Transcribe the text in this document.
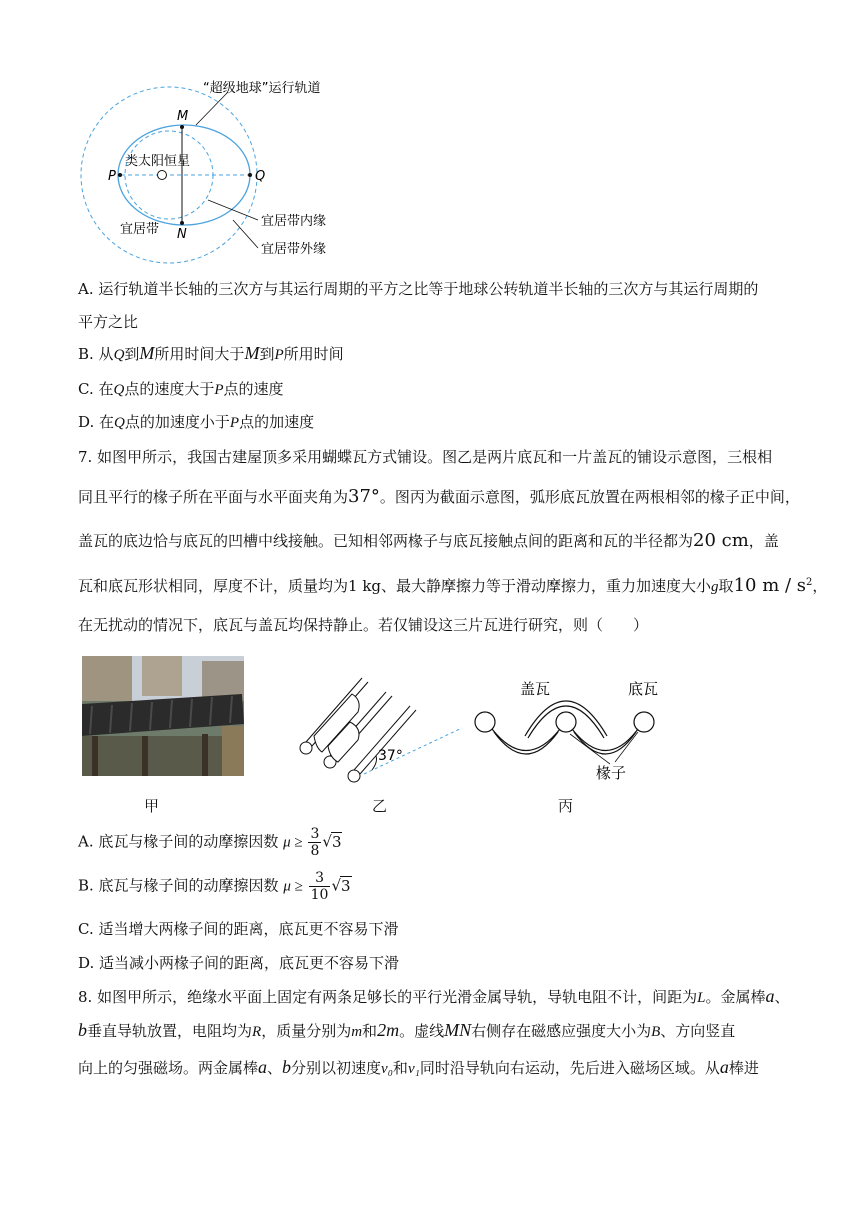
“超级地球”运行轨道
类太阳恒星
P	Q
M
N
宜居带
宜居带内缘
宜居带外缘
A. 运行轨道半长轴的三次方与其运行周期的平方之比等于地球公转轨道半长轴的三次方与其运行周期的
平方之比
B. 从Q到M所用时间大于M到P所用时间
C. 在Q点的速度大于P点的速度
D. 在Q点的加速度小于P点的加速度
7. 如图甲所示，我国古建屋顶多采用蝴蝶瓦方式铺设。图乙是两片底瓦和一片盖瓦的铺设示意图，三根相
同且平行的椽子所在平面与水平面夹角为37°。图丙为截面示意图，弧形底瓦放置在两根相邻的椽子正中间，
盖瓦的底边恰与底瓦的凹槽中线接触。已知相邻两椽子与底瓦接触点间的距离和瓦的半径都为20 cm，盖
瓦和底瓦形状相同，厚度不计，质量均为1 kg、最大静摩擦力等于滑动摩擦力，重力加速度大小g取10 m / $s^2$，
在无扰动的情况下，底瓦与盖瓦均保持静止。若仅铺设这三片瓦进行研究，则（　　）
甲
37°
乙
盖瓦	底瓦
椽子
丙
A. 底瓦与椽子间的动摩擦因数 $\mu \ge \frac{3}{8} √3$
B. 底瓦与椽子间的动摩擦因数 $\mu \ge \frac{3}{10} √3$
C. 适当增大两椽子间的距离，底瓦更不容易下滑
D. 适当减小两椽子间的距离，底瓦更不容易下滑
8. 如图甲所示，绝缘水平面上固定有两条足够长的平行光滑金属导轨，导轨电阻不计，间距为L。金属棒a、
b垂直导轨放置，电阻均为R，质量分别为m和2m。虚线MN右侧存在磁感应强度大小为B、方向竖直
向上的匀强磁场。两金属棒a、b分别以初速度v₀和v₁同时沿导轨向右运动，先后进入磁场区域。从a棒进
